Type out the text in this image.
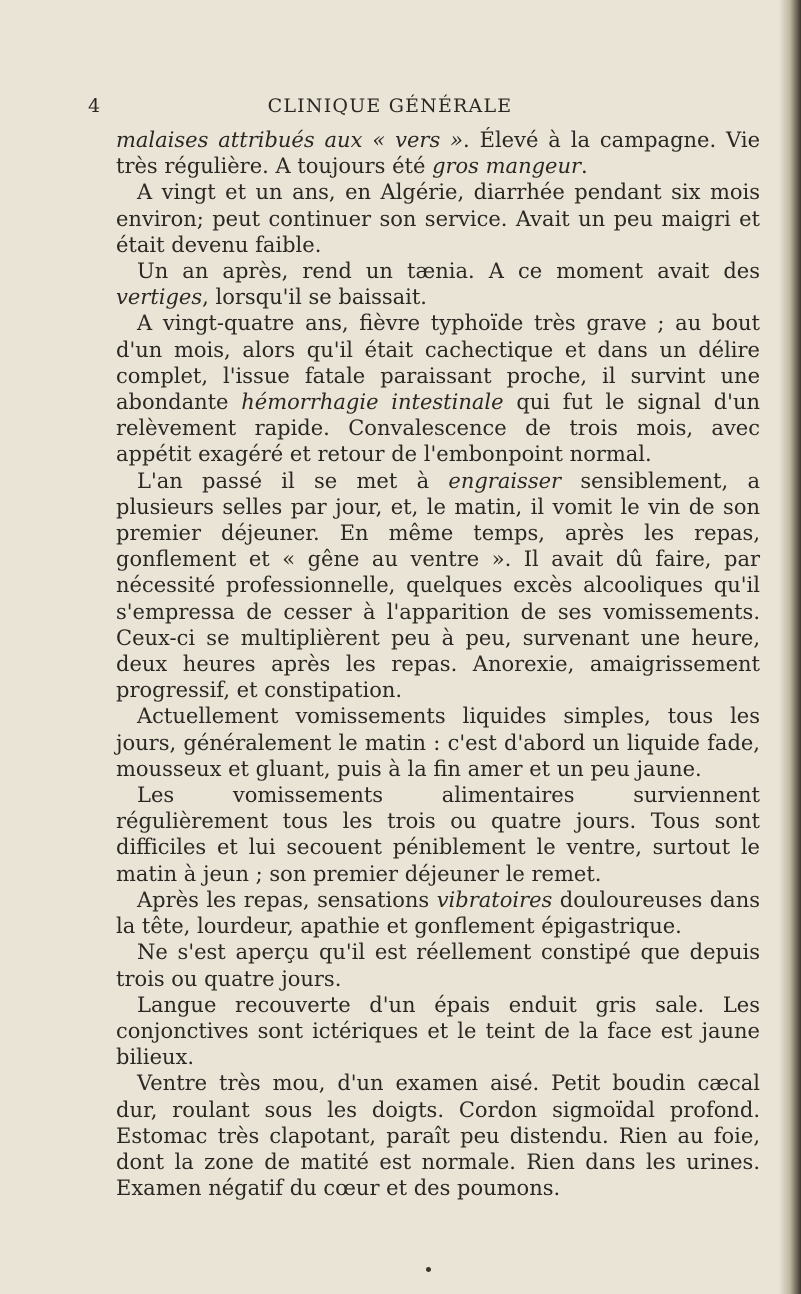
4	CLINIQUE GÉNÉRALE

malaises attribués aux « vers ». Élevé à la campagne. Vie très régulière. A toujours été gros mangeur.

A vingt et un ans, en Algérie, diarrhée pendant six mois environ; peut continuer son service. Avait un peu maigri et était devenu faible.

Un an après, rend un tænia. A ce moment avait des vertiges, lorsqu'il se baissait.

A vingt-quatre ans, fièvre typhoïde très grave ; au bout d'un mois, alors qu'il était cachectique et dans un délire complet, l'issue fatale paraissant proche, il survint une abondante hémorrhagie intestinale qui fut le signal d'un relèvement rapide. Convalescence de trois mois, avec appétit exagéré et retour de l'embonpoint normal.

L'an passé il se met à engraisser sensiblement, a plusieurs selles par jour, et, le matin, il vomit le vin de son premier déjeuner. En même temps, après les repas, gonflement et « gêne au ventre ». Il avait dû faire, par nécessité professionnelle, quelques excès alcooliques qu'il s'empressa de cesser à l'apparition de ses vomissements. Ceux-ci se multiplièrent peu à peu, survenant une heure, deux heures après les repas. Anorexie, amaigrissement progressif, et constipation.

Actuellement vomissements liquides simples, tous les jours, généralement le matin : c'est d'abord un liquide fade, mousseux et gluant, puis à la fin amer et un peu jaune.

Les vomissements alimentaires surviennent régulièrement tous les trois ou quatre jours. Tous sont difficiles et lui secouent péniblement le ventre, surtout le matin à jeun ; son premier déjeuner le remet.

Après les repas, sensations vibratoires douloureuses dans la tête, lourdeur, apathie et gonflement épigastrique.

Ne s'est aperçu qu'il est réellement constipé que depuis trois ou quatre jours.

Langue recouverte d'un épais enduit gris sale. Les conjonctives sont ictériques et le teint de la face est jaune bilieux.

Ventre très mou, d'un examen aisé. Petit boudin cæcal dur, roulant sous les doigts. Cordon sigmoïdal profond. Estomac très clapotant, paraît peu distendu. Rien au foie, dont la zone de matité est normale. Rien dans les urines. Examen négatif du cœur et des poumons.
